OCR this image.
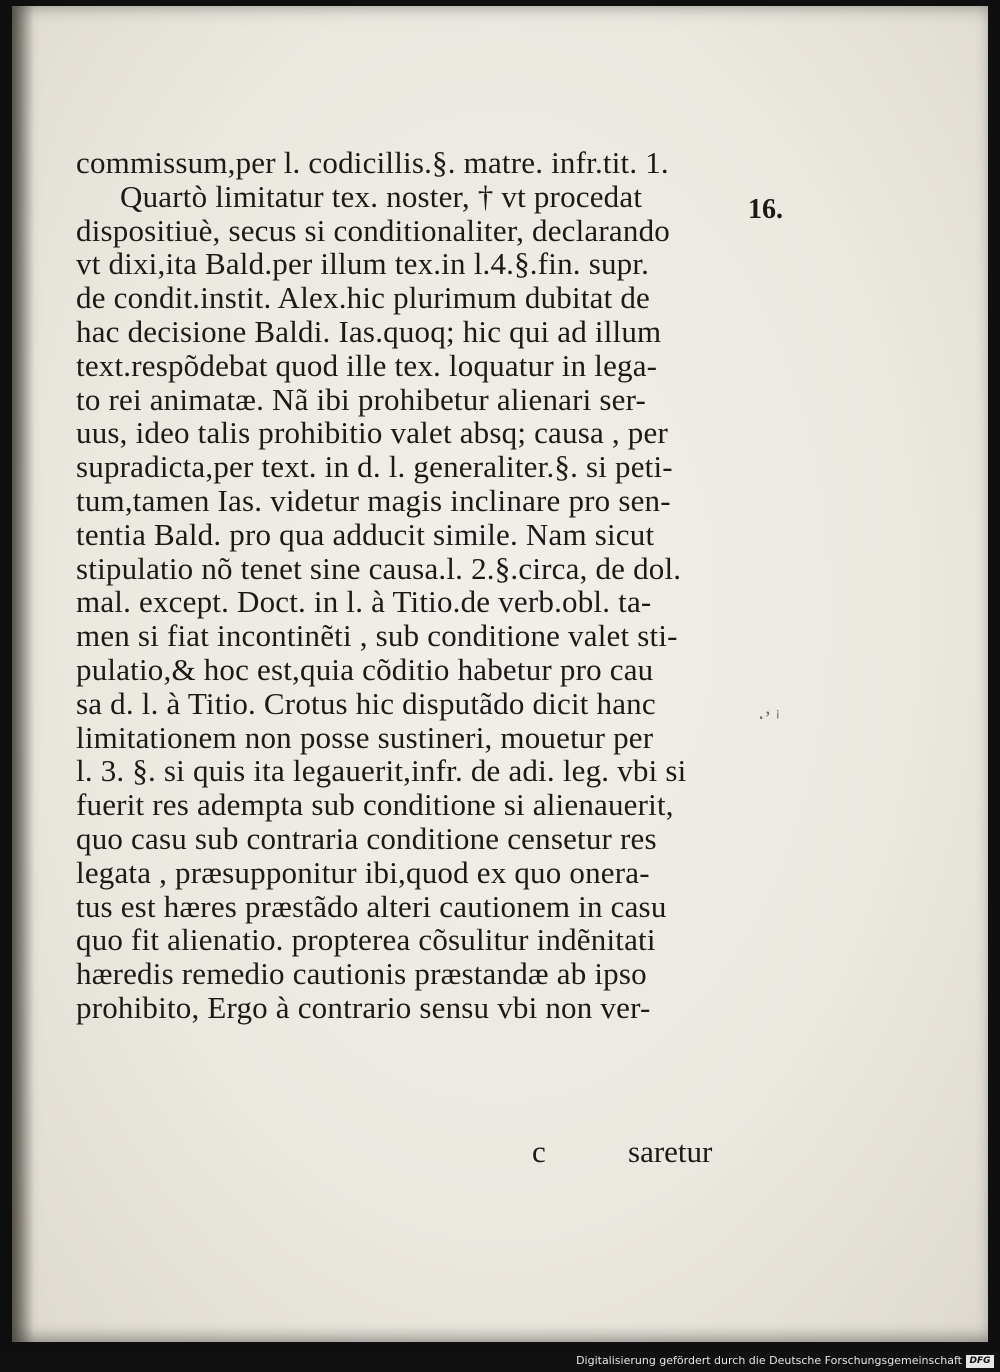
commissum,per l. codicillis.§. matre. infr.tit. 1.
Quartò limitatur tex. noster, † vt procedat
dispositiuè, secus si conditionaliter, declarando
vt dixi,ita Bald.per illum tex.in l.4.§.fin. supr.
de condit.instit. Alex.hic plurimum dubitat de
hac decisione Baldi. Ias.quoq; hic qui ad illum
text.respõdebat quod ille tex. loquatur in lega-
to rei animatæ. Nã ibi prohibetur alienari ser-
uus, ideo talis prohibitio valet absq; causa , per
supradicta,per text. in d. l. generaliter.§. si peti-
tum,tamen Ias. videtur magis inclinare pro sen-
tentia Bald. pro qua adducit simile. Nam sicut
stipulatio nõ tenet sine causa.l. 2.§.circa, de dol.
mal. except. Doct. in l. à Titio.de verb.obl. ta-
men si fiat incontinẽti , sub conditione valet sti-
pulatio,& hoc est,quia cõditio habetur pro cau
sa d. l. à Titio. Crotus hic disputãdo dicit hanc
limitationem non posse sustineri, mouetur per
l. 3. §. si quis ita legauerit,infr. de adi. leg. vbi si
fuerit res adempta sub conditione si alienauerit,
quo casu sub contraria conditione censetur res
legata , præsupponitur ibi,quod ex quo onera-
tus est hæres præstãdo alteri cautionem in casu
quo fit alienatio. propterea cõsulitur indẽnitati
hæredis remedio cautionis præstandæ ab ipso
prohibito, Ergo à contrario sensu vbi non ver-
16.
‧ʼ ⁱ
c	saretur
Digitalisierung gefördert durch die Deutsche Forschungsgemeinschaft DFG
